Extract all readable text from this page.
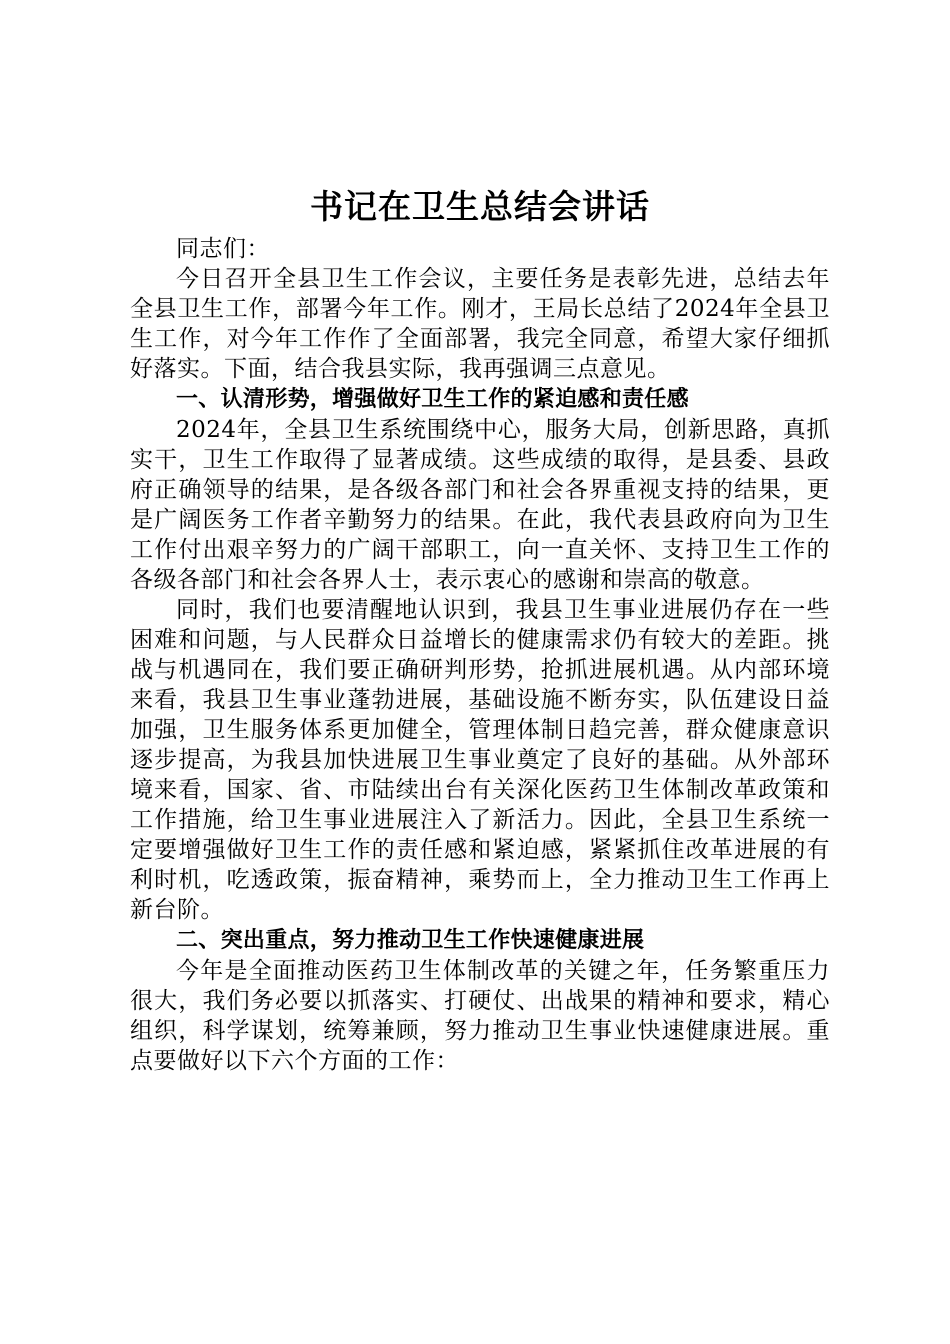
书记在卫生总结会讲话

同志们：

今日召开全县卫生工作会议，主要任务是表彰先进，总结去年全县卫生工作，部署今年工作。刚才，王局长总结了2024年全县卫生工作，对今年工作作了全面部署，我完全同意，希望大家仔细抓好落实。下面，结合我县实际，我再强调三点意见。

一、认清形势，增强做好卫生工作的紧迫感和责任感

2024年，全县卫生系统围绕中心，服务大局，创新思路，真抓实干，卫生工作取得了显著成绩。这些成绩的取得，是县委、县政府正确领导的结果，是各级各部门和社会各界重视支持的结果，更是广阔医务工作者辛勤努力的结果。在此，我代表县政府向为卫生工作付出艰辛努力的广阔干部职工，向一直关怀、支持卫生工作的各级各部门和社会各界人士，表示衷心的感谢和崇高的敬意。

同时，我们也要清醒地认识到，我县卫生事业进展仍存在一些困难和问题，与人民群众日益增长的健康需求仍有较大的差距。挑战与机遇同在，我们要正确研判形势，抢抓进展机遇。从内部环境来看，我县卫生事业蓬勃进展，基础设施不断夯实，队伍建设日益加强，卫生服务体系更加健全，管理体制日趋完善，群众健康意识逐步提高，为我县加快进展卫生事业奠定了良好的基础。从外部环境来看，国家、省、市陆续出台有关深化医药卫生体制改革政策和工作措施，给卫生事业进展注入了新活力。因此，全县卫生系统一定要增强做好卫生工作的责任感和紧迫感，紧紧抓住改革进展的有利时机，吃透政策，振奋精神，乘势而上，全力推动卫生工作再上新台阶。

二、突出重点，努力推动卫生工作快速健康进展

今年是全面推动医药卫生体制改革的关键之年，任务繁重压力很大，我们务必要以抓落实、打硬仗、出战果的精神和要求，精心组织，科学谋划，统筹兼顾，努力推动卫生事业快速健康进展。重点要做好以下六个方面的工作：
